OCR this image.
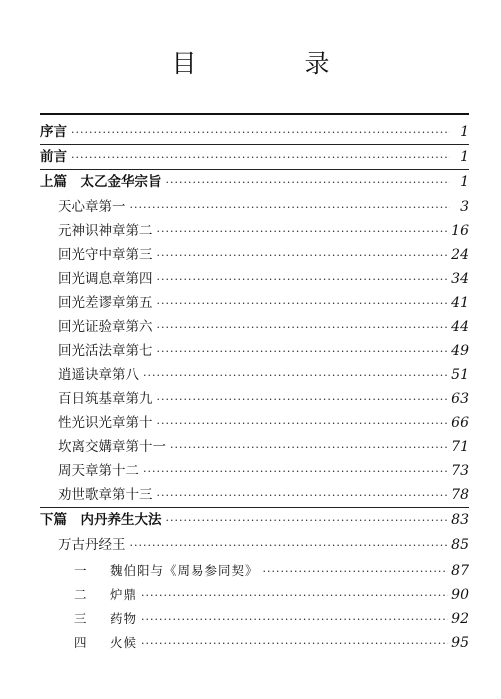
目 录
序言 ·····	1
前言 ·····	1
上篇　太乙金华宗旨 ·····	1
天心章第一 ·····	3
元神识神章第二 ·····	16
回光守中章第三 ·····	24
回光调息章第四 ·····	34
回光差谬章第五 ·····	41
回光证验章第六 ·····	44
回光活法章第七 ·····	49
逍遥诀章第八 ·····	51
百日筑基章第九 ·····	63
性光识光章第十 ·····	66
坎离交媾章第十一 ·····	71
周天章第十二 ·····	73
劝世歌章第十三 ·····	78
下篇　内丹养生大法 ·····	83
万古丹经王 ·····	85
一 魏伯阳与《周易参同契》 ·····	87
二 炉鼎 ·····	90
三 药物 ·····	92
四 火候 ·····	95
